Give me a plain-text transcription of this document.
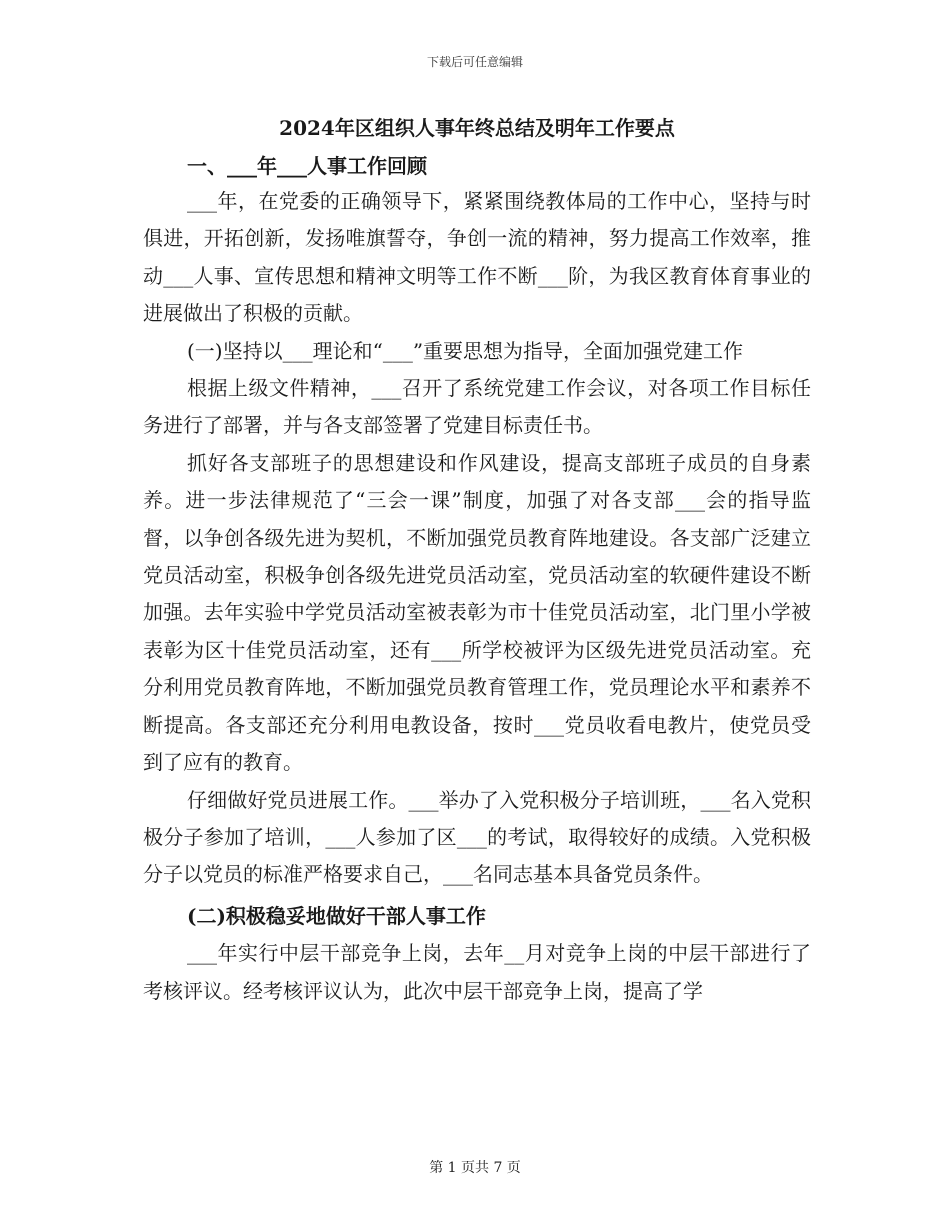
下载后可任意编辑
2024年区组织人事年终总结及明年工作要点
一、___年___人事工作回顾

___年，在党委的正确领导下，紧紧围绕教体局的工作中心，坚持与时俱进，开拓创新，发扬唯旗誓夺，争创一流的精神，努力提高工作效率，推动___人事、宣传思想和精神文明等工作不断___阶，为我区教育体育事业的进展做出了积极的贡献。

(一)坚持以___理论和“___”重要思想为指导，全面加强党建工作

根据上级文件精神，___召开了系统党建工作会议，对各项工作目标任务进行了部署，并与各支部签署了党建目标责任书。

抓好各支部班子的思想建设和作风建设，提高支部班子成员的自身素养。进一步法律规范了“三会一课”制度，加强了对各支部___会的指导监督，以争创各级先进为契机，不断加强党员教育阵地建设。各支部广泛建立党员活动室，积极争创各级先进党员活动室，党员活动室的软硬件建设不断加强。去年实验中学党员活动室被表彰为市十佳党员活动室，北门里小学被表彰为区十佳党员活动室，还有___所学校被评为区级先进党员活动室。充分利用党员教育阵地，不断加强党员教育管理工作，党员理论水平和素养不断提高。各支部还充分利用电教设备，按时___党员收看电教片，使党员受到了应有的教育。

仔细做好党员进展工作。___举办了入党积极分子培训班，___名入党积极分子参加了培训，___人参加了区___的考试，取得较好的成绩。入党积极分子以党员的标准严格要求自己，___名同志基本具备党员条件。

(二)积极稳妥地做好干部人事工作

___年实行中层干部竞争上岗，去年__月对竞争上岗的中层干部进行了考核评议。经考核评议认为，此次中层干部竞争上岗，提高了学

第 1 页共 7 页
